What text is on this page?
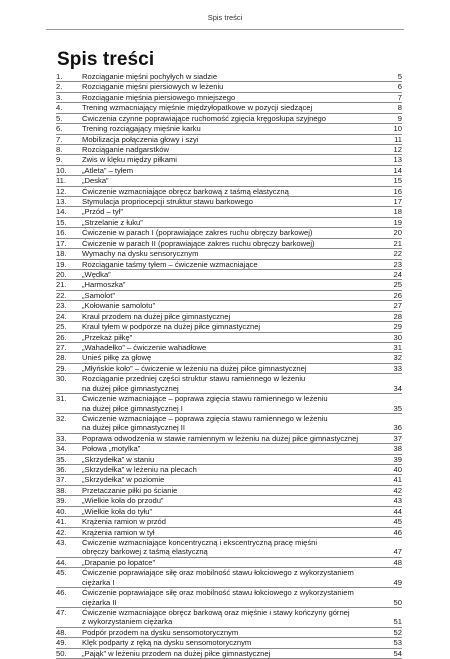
Spis treści
Spis treści
1.	Rozciąganie mięśni pochyłych w siadzie	5
2.	Rozciąganie mięśni piersiowych w leżeniu	6
3.	Rozciąganie mięśnia piersiowego mniejszego	7
4.	Trening wzmacniający mięśnie międzyłopatkowe w pozycji siedzącej	8
5.	Ćwiczenia czynne poprawiające ruchomość zgięcia kręgosłupa szyjnego	9
6.	Trening rozciągający mięśnie karku	10
7.	Mobilizacja połączenia głowy i szyi	11
8.	Rozciąganie nadgarstków	12
9.	Zwis w klęku między piłkami	13
10. „Atleta” – tyłem	14
11. „Deska”	15
12. Ćwiczenie wzmacniające obręcz barkową z taśmą elastyczną	16
13. Stymulacja propriocepcji struktur stawu barkowego	17
14. „Przód – tył”	18
15. „Strzelanie z łuku”	19
16. Ćwiczenie w parach I (poprawiające zakres ruchu obręczy barkowej)	20
17. Ćwiczenie w parach II (poprawiające zakres ruchu obręczy barkowej)	21
18. Wymachy na dysku sensorycznym	22
19. Rozciąganie taśmy tyłem – ćwiczenie wzmacniające	23
20. „Wędka”	24
21. „Harmoszka”	25
22. „Samolot”	26
23. „Kołowanie samolotu”	27
24. Kraul przodem na dużej piłce gimnastycznej	28
25. Kraul tyłem w podporze na dużej piłce gimnastycznej	29
26. „Przekaż piłkę”	30
27. „Wahadełko” – ćwiczenie wahadłowe	31
28. Unieś piłkę za głowę	32
29. „Młyńskie koło” – ćwiczenie w leżeniu na dużej piłce gimnastycznej	33
30. Rozciąganie przedniej części struktur stawu ramiennego w leżeniu
na dużej piłce gimnastycznej	34
31. Ćwiczenie wzmacniające – poprawa zgięcia stawu ramiennego w leżeniu
na dużej piłce gimnastycznej I	35
32. Ćwiczenie wzmacniające – poprawa zgięcia stawu ramiennego w leżeniu
na dużej piłce gimnastycznej II	36
33. Poprawa odwodzenia w stawie ramiennym w leżeniu na dużej piłce gimnastycznej	37
34. Połowa „motylka”	38
35. „Skrzydełka” w staniu	39
36. „Skrzydełka” w leżeniu na plecach	40
37. „Skrzydełka” w poziomie	41
38. Przetaczanie piłki po ścianie	42
39. „Wielkie koła do przodu”	43
40. „Wielkie koła do tyłu”	44
41. Krążenia ramion w przód	45
42. Krążenia ramion w tył	46
43. Ćwiczenie wzmacniające koncentryczną i ekscentryczną pracę mięśni
obręczy barkowej z taśmą elastyczną	47
44. „Drapanie po łopatce”	48
45. Ćwiczenie poprawiające siłę oraz mobilność stawu łokciowego z wykorzystaniem
ciężarka I	49
46. Ćwiczenie poprawiające siłę oraz mobilność stawu łokciowego z wykorzystaniem
ciężarka II	50
47. Ćwiczenie wzmacniające obręcz barkową oraz mięśnie i stawy kończyny górnej
z wykorzystaniem ciężarka	51
48. Podpór przodem na dysku sensomotorycznym	52
49. Klęk podparty z ręką na dysku sensomotorycznym	53
50. „Pająk” w leżeniu przodem na dużej piłce gimnastycznej	54
